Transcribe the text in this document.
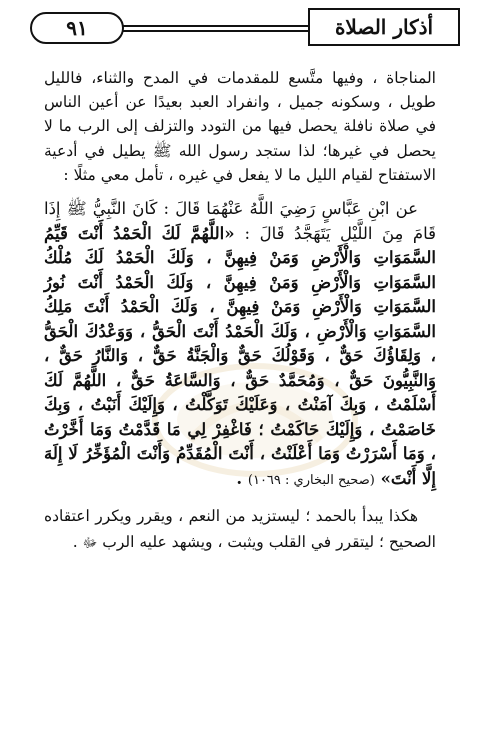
٩١	أذكار الصلاة

المناجاة ، وفيها متَّسع للمقدمات في المدح والثناء، فالليل طويل ، وسكونه جميل ، وانفراد العبد بعيدًا عن أعين الناس في صلاة نافلة يحصل فيها من التودد والتزلف إلى الرب ما لا يحصل في غيرها؛ لذا ستجد رسول الله ﷺ يطيل في أدعية الاستفتاح لقيام الليل ما لا يفعل في غيره ، تأمل معي مثلًا :

عن ابْنِ عَبَّاسٍ رَضِيَ اللَّهُ عَنْهُمَا قَالَ : كَانَ النَّبِيُّ ﷺ إِذَا قَامَ مِنَ اللَّيْلِ يَتَهَجَّدُ قَالَ : «اللَّهُمَّ لَكَ الْحَمْدُ أَنْتَ قَيِّمُ السَّمَوَاتِ وَالْأَرْضِ وَمَنْ فِيهِنَّ ، وَلَكَ الْحَمْدُ لَكَ مُلْكُ السَّمَوَاتِ وَالْأَرْضِ وَمَنْ فِيهِنَّ ، وَلَكَ الْحَمْدُ أَنْتَ نُورُ السَّمَوَاتِ وَالْأَرْضِ وَمَنْ فِيهِنَّ ، وَلَكَ الْحَمْدُ أَنْتَ مَلِكُ السَّمَوَاتِ وَالْأَرْضِ ، وَلَكَ الْحَمْدُ أَنْتَ الْحَقُّ ، وَوَعْدُكَ الْحَقُّ ، وَلِقَاؤُكَ حَقٌّ ، وَقَوْلُكَ حَقٌّ وَالْجَنَّةُ حَقٌّ ، وَالنَّارُ حَقٌّ ، وَالنَّبِيُّونَ حَقٌّ ، وَمُحَمَّدٌ حَقٌّ ، وَالسَّاعَةُ حَقٌّ ، اللَّهُمَّ لَكَ أَسْلَمْتُ ، وَبِكَ آمَنْتُ ، وَعَلَيْكَ تَوَكَّلْتُ ، وَإِلَيْكَ أَنَبْتُ ، وَبِكَ خَاصَمْتُ ، وَإِلَيْكَ حَاكَمْتُ ؛ فَاغْفِرْ لِي مَا قَدَّمْتُ وَمَا أَخَّرْتُ ، وَمَا أَسْرَرْتُ وَمَا أَعْلَنْتُ ، أَنْتَ الْمُقَدِّمُ وَأَنْتَ الْمُؤَخِّرُ لَا إِلَهَ إِلَّا أَنْتَ» (صحيح البخاري : ١٠٦٩) .

هكذا يبدأ بالحمد ؛ ليستزيد من النعم ، ويقرر ويكرر اعتقاده الصحيح ؛ ليتقرر في القلب ويثبت ، ويشهد عليه الرب ﷻ .
